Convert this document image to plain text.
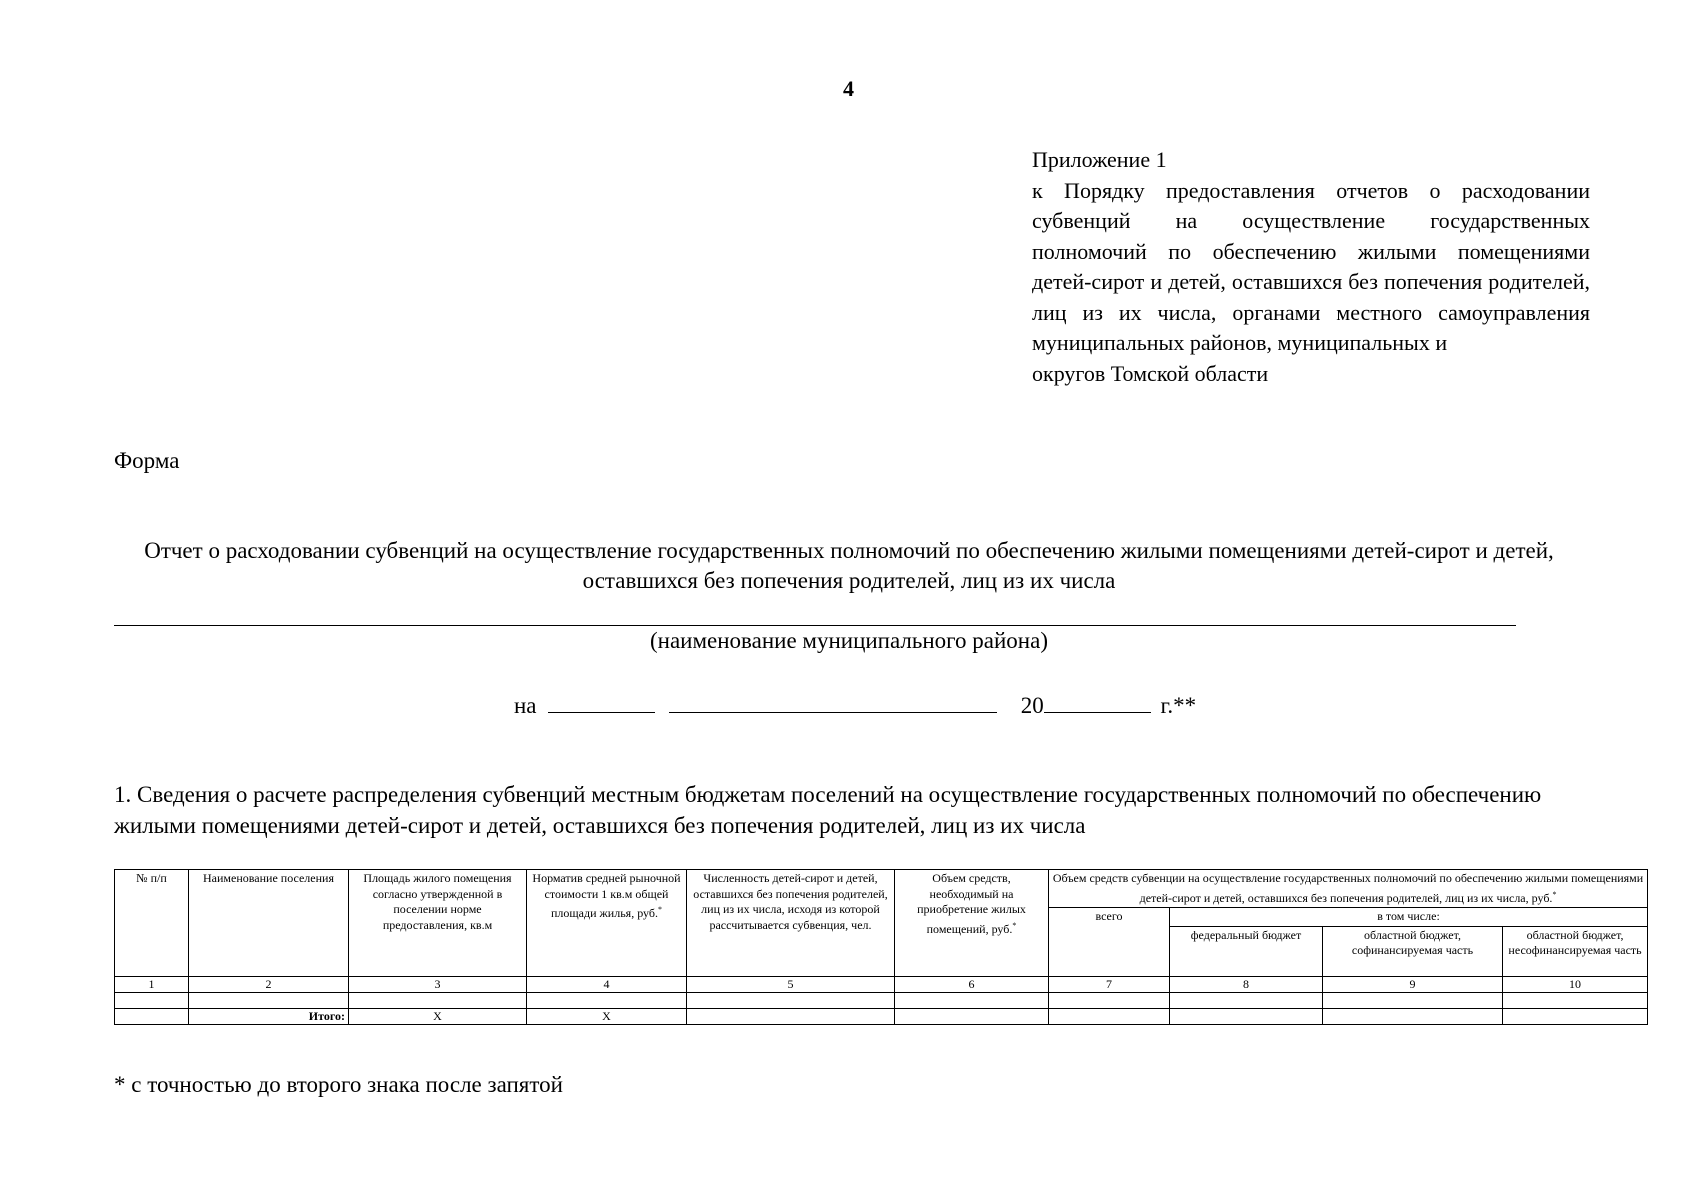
4
Приложение 1
к Порядку предоставления отчетов о расходовании субвенций на осуществление государственных полномочий по обеспечению жилыми помещениями детей-сирот и детей, оставшихся без попечения родителей, лиц из их числа, органами местного самоуправления муниципальных районов, муниципальных и
округов Томской области
Форма
Отчет о расходовании субвенций на осуществление государственных полномочий по обеспечению жилыми помещениями детей-сирот и детей, оставшихся без попечения родителей, лиц из их числа
(наименование муниципального района)
на	20	г.**
1. Сведения о расчете распределения субвенций местным бюджетам поселений на осуществление государственных полномочий по обеспечению жилыми помещениями детей-сирот и детей, оставшихся без попечения родителей, лиц из их числа
№ п/п	Наименование поселения	Площадь жилого помещения согласно утвержденной в поселении норме предоставления, кв.м	Норматив средней рыночной стоимости 1 кв.м общей площади жилья, руб.*	Численность детей-сирот и детей, оставшихся без попечения родителей, лиц из их числа, исходя из которой рассчитывается субвенция, чел.	Объем средств, необходимый на приобретение жилых помещений, руб.*	Объем средств субвенции на осуществление государственных полномочий по обеспечению жилыми помещениями детей-сирот и детей, оставшихся без попечения родителей, лиц из их числа, руб.*
						всего	в том числе:		
							федеральный бюджет	областной бюджет, софинансируемая часть	областной бюджет, несофинансируемая часть
1	2	3	4	5	6	7	8	9	10

	Итого:	X	X						
* с точностью до второго знака после запятой
